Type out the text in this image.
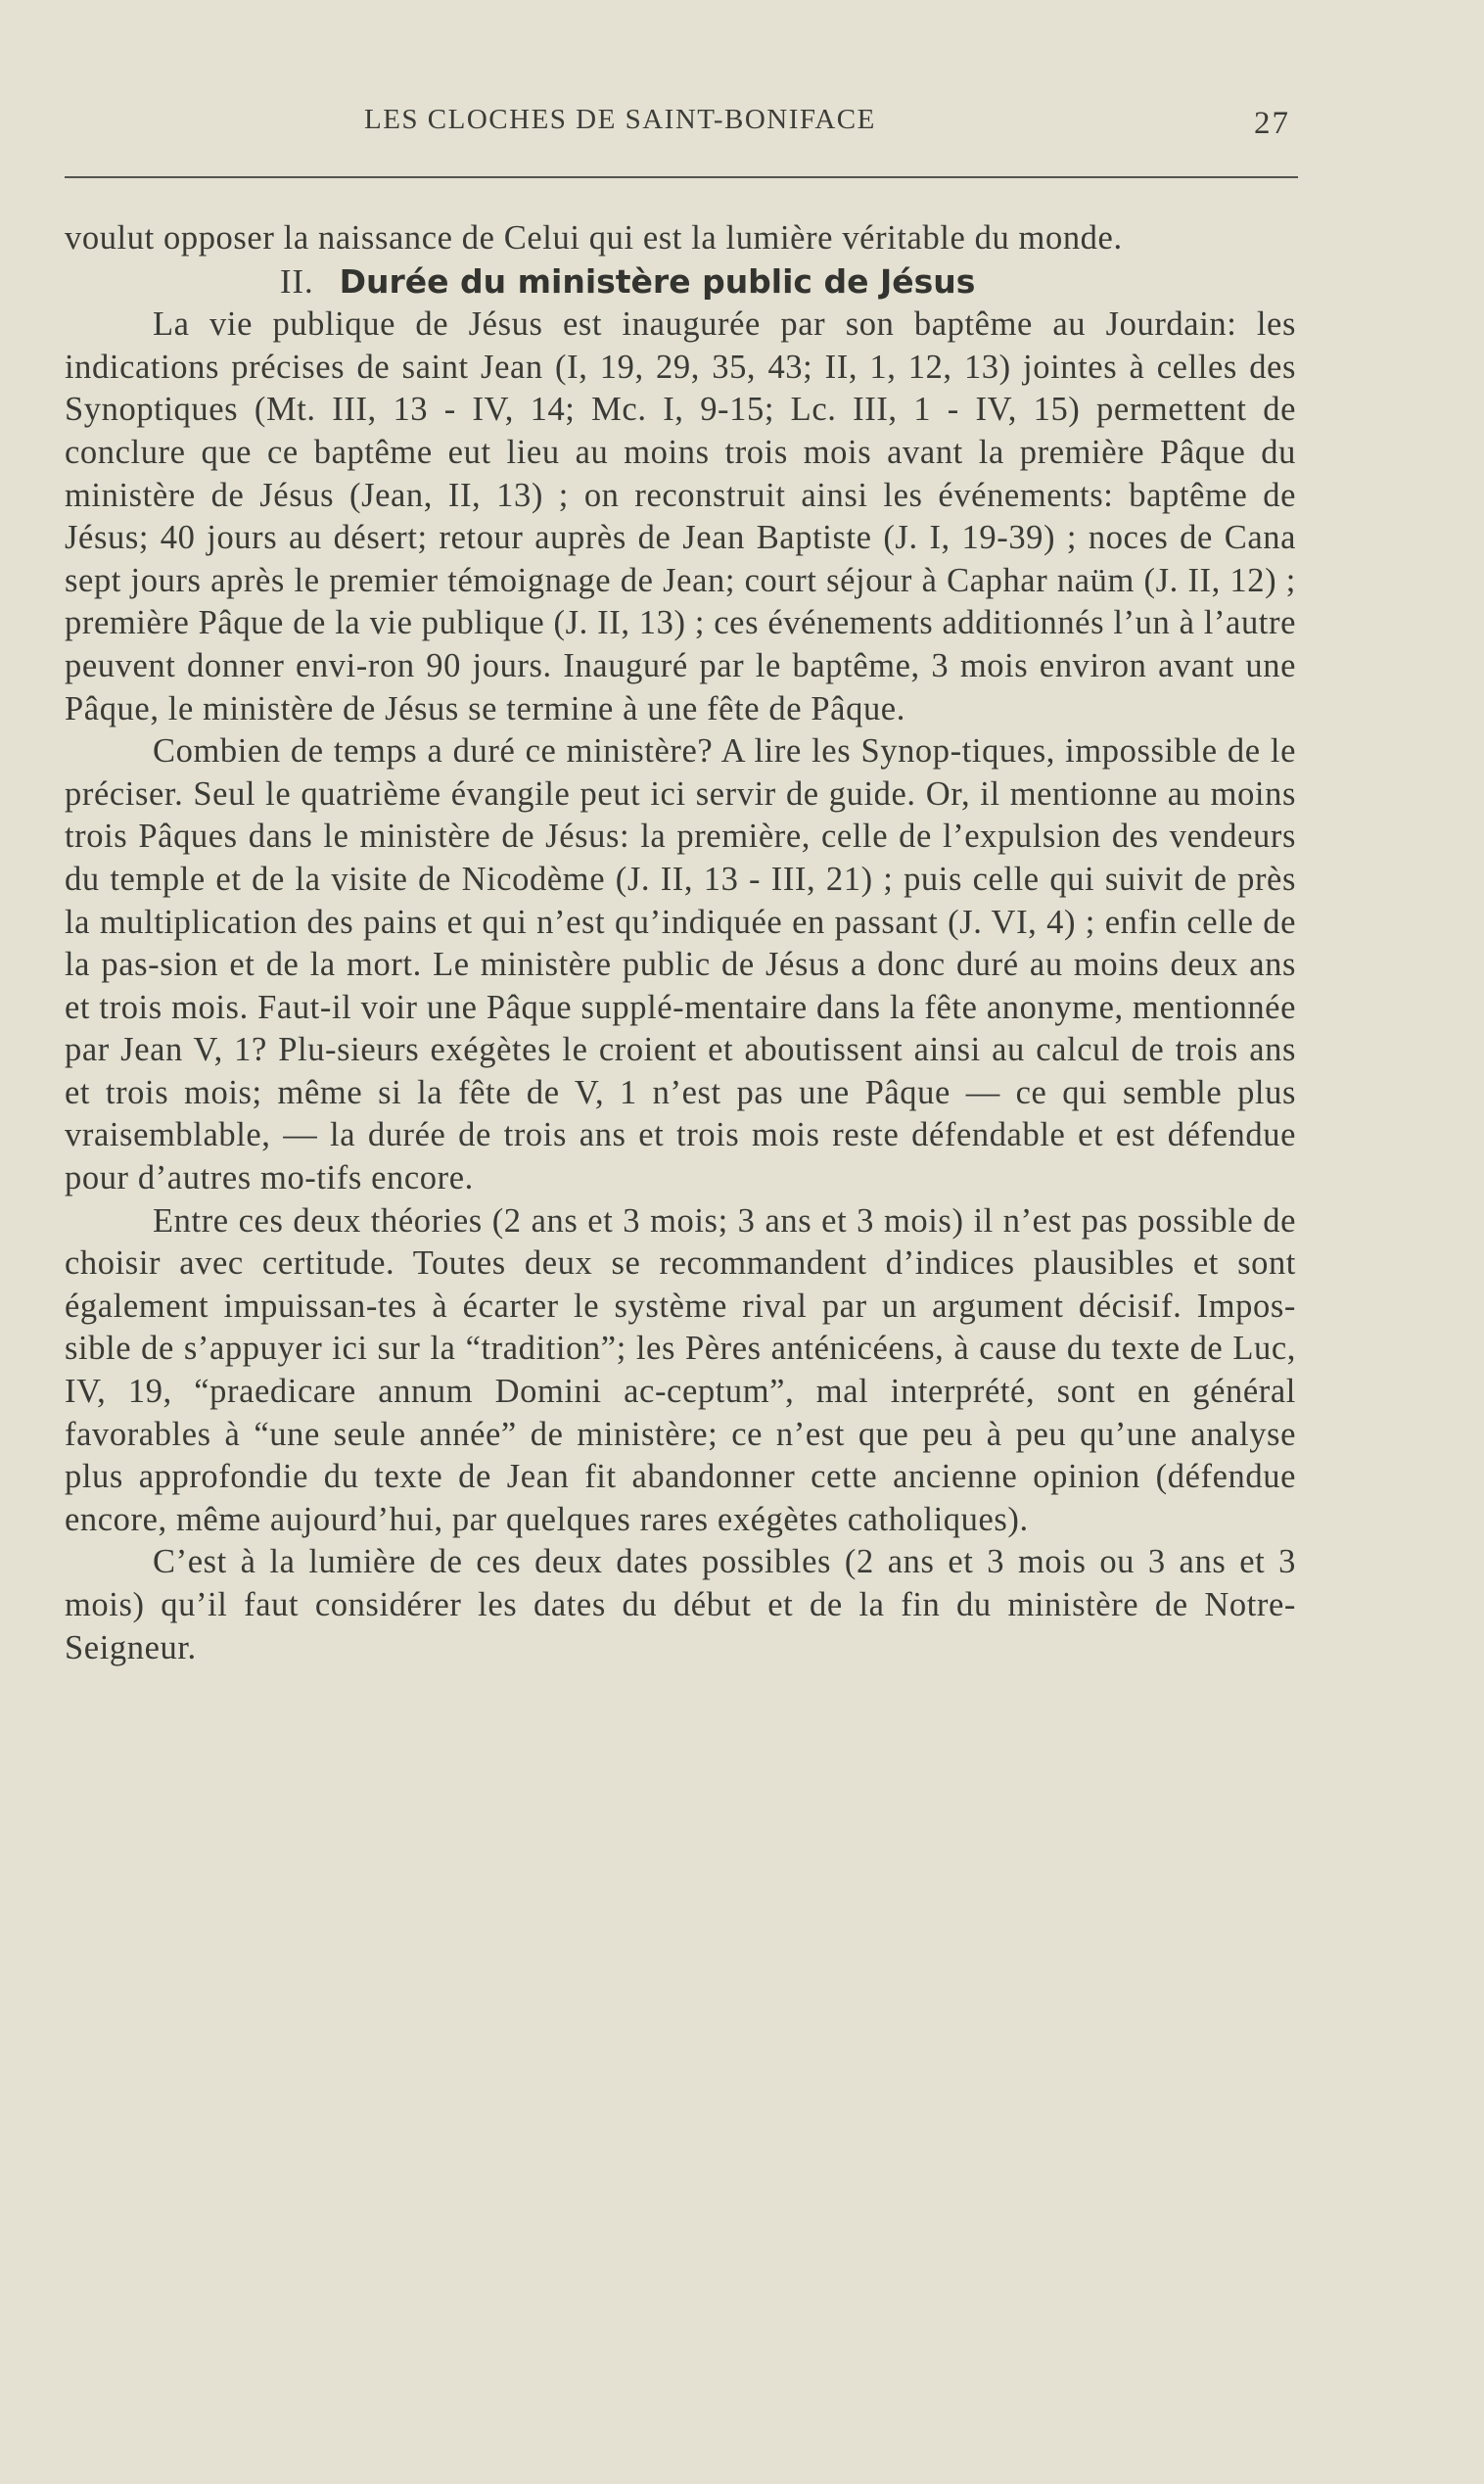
LES CLOCHES DE SAINT-BONIFACE	27

voulut opposer la naissance de Celui qui est la lumière véritable du monde.

II. Durée du ministère public de Jésus

La vie publique de Jésus est inaugurée par son baptême au Jourdain: les indications précises de saint Jean (I, 19, 29, 35, 43; II, 1, 12, 13) jointes à celles des Synoptiques (Mt. III, 13 - IV, 14; Mc. I, 9-15; Lc. III, 1 - IV, 15) permettent de conclure que ce baptême eut lieu au moins trois mois avant la première Pâque du ministère de Jésus (Jean, II, 13) ; on reconstruit ainsi les événements: baptême de Jésus; 40 jours au désert; retour auprès de Jean Baptiste (J. I, 19-39) ; noces de Cana sept jours après le premier témoignage de Jean; court séjour à Caphar naüm (J. II, 12) ; première Pâque de la vie publique (J. II, 13) ; ces événements additionnés l’un à l’autre peuvent donner envi-ron 90 jours. Inauguré par le baptême, 3 mois environ avant une Pâque, le ministère de Jésus se termine à une fête de Pâque.

Combien de temps a duré ce ministère? A lire les Synop-tiques, impossible de le préciser. Seul le quatrième évangile peut ici servir de guide. Or, il mentionne au moins trois Pâques dans le ministère de Jésus: la première, celle de l’expulsion des vendeurs du temple et de la visite de Nicodème (J. II, 13 - III, 21) ; puis celle qui suivit de près la multiplication des pains et qui n’est qu’indiquée en passant (J. VI, 4) ; enfin celle de la pas-sion et de la mort. Le ministère public de Jésus a donc duré au moins deux ans et trois mois. Faut-il voir une Pâque supplé-mentaire dans la fête anonyme, mentionnée par Jean V, 1? Plu-sieurs exégètes le croient et aboutissent ainsi au calcul de trois ans et trois mois; même si la fête de V, 1 n’est pas une Pâque — ce qui semble plus vraisemblable, — la durée de trois ans et trois mois reste défendable et est défendue pour d’autres mo-tifs encore.

Entre ces deux théories (2 ans et 3 mois; 3 ans et 3 mois) il n’est pas possible de choisir avec certitude. Toutes deux se recommandent d’indices plausibles et sont également impuissan-tes à écarter le système rival par un argument décisif. Impos-sible de s’appuyer ici sur la “tradition”; les Pères anténicéens, à cause du texte de Luc, IV, 19, “praedicare annum Domini ac-ceptum”, mal interprété, sont en général favorables à “une seule année” de ministère; ce n’est que peu à peu qu’une analyse plus approfondie du texte de Jean fit abandonner cette ancienne opinion (défendue encore, même aujourd’hui, par quelques rares exégètes catholiques).

C’est à la lumière de ces deux dates possibles (2 ans et 3 mois ou 3 ans et 3 mois) qu’il faut considérer les dates du début et de la fin du ministère de Notre-Seigneur.
